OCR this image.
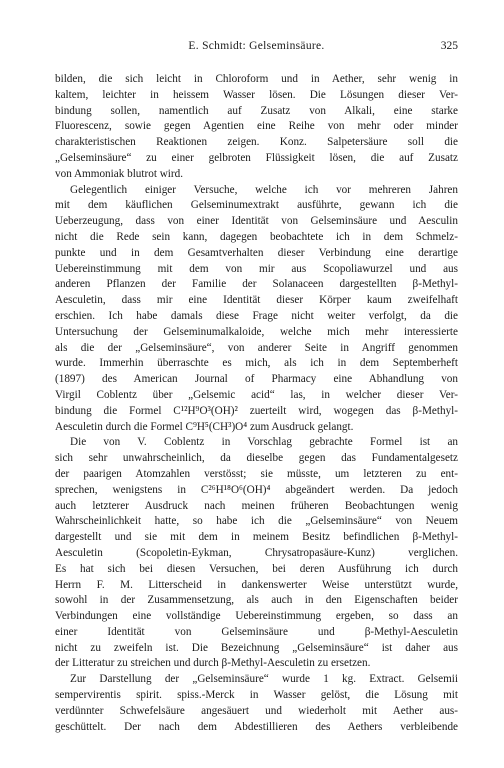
E. Schmidt: Gelseminsäure.	325
bilden, die sich leicht in Chloroform und in Aether, sehr wenig in
kaltem, leichter in heissem Wasser lösen. Die Lösungen dieser Ver-
bindung sollen, namentlich auf Zusatz von Alkali, eine starke
Fluorescenz, sowie gegen Agentien eine Reihe von mehr oder minder
charakteristischen Reaktionen zeigen. Konz. Salpetersäure soll die
„Gelseminsäure“ zu einer gelbroten Flüssigkeit lösen, die auf Zusatz
von Ammoniak blutrot wird.
Gelegentlich einiger Versuche, welche ich vor mehreren Jahren
mit dem käuflichen Gelseminumextrakt ausführte, gewann ich die
Ueberzeugung, dass von einer Identität von Gelseminsäure und Aesculin
nicht die Rede sein kann, dagegen beobachtete ich in dem Schmelz-
punkte und in dem Gesamtverhalten dieser Verbindung eine derartige
Uebereinstimmung mit dem von mir aus Scopoliawurzel und aus
anderen Pflanzen der Familie der Solanaceen dargestellten β-Methyl-
Aesculetin, dass mir eine Identität dieser Körper kaum zweifelhaft
erschien. Ich habe damals diese Frage nicht weiter verfolgt, da die
Untersuchung der Gelseminumalkaloide, welche mich mehr interessierte
als die der „Gelseminsäure“, von anderer Seite in Angriff genommen
wurde. Immerhin überraschte es mich, als ich in dem Septemberheft
(1897) des American Journal of Pharmacy eine Abhandlung von
Virgil Coblentz über „Gelsemic acid“ las, in welcher dieser Ver-
bindung die Formel C¹²H⁹O³(OH)² zuerteilt wird, wogegen das β-Methyl-
Aesculetin durch die Formel C⁹H⁵(CH³)O⁴ zum Ausdruck gelangt.
Die von V. Coblentz in Vorschlag gebrachte Formel ist an
sich sehr unwahrscheinlich, da dieselbe gegen das Fundamentalgesetz
der paarigen Atomzahlen verstösst; sie müsste, um letzteren zu ent-
sprechen, wenigstens in C²⁶H¹⁸O⁶(OH)⁴ abgeändert werden. Da jedoch
auch letzterer Ausdruck nach meinen früheren Beobachtungen wenig
Wahrscheinlichkeit hatte, so habe ich die „Gelseminsäure“ von Neuem
dargestellt und sie mit dem in meinem Besitz befindlichen β-Methyl-
Aesculetin (Scopoletin-Eykman, Chrysatropasäure-Kunz) verglichen.
Es hat sich bei diesen Versuchen, bei deren Ausführung ich durch
Herrn F. M. Litterscheid in dankenswerter Weise unterstützt wurde,
sowohl in der Zusammensetzung, als auch in den Eigenschaften beider
Verbindungen eine vollständige Uebereinstimmung ergeben, so dass an
einer Identität von Gelseminsäure und β-Methyl-Aesculetin
nicht zu zweifeln ist. Die Bezeichnung „Gelseminsäure“ ist daher aus
der Litteratur zu streichen und durch β-Methyl-Aesculetin zu ersetzen.
Zur Darstellung der „Gelseminsäure“ wurde 1 kg. Extract. Gelsemii
sempervirentis spirit. spiss.-Merck in Wasser gelöst, die Lösung mit
verdünnter Schwefelsäure angesäuert und wiederholt mit Aether aus-
geschüttelt. Der nach dem Abdestillieren des Aethers verbleibende
